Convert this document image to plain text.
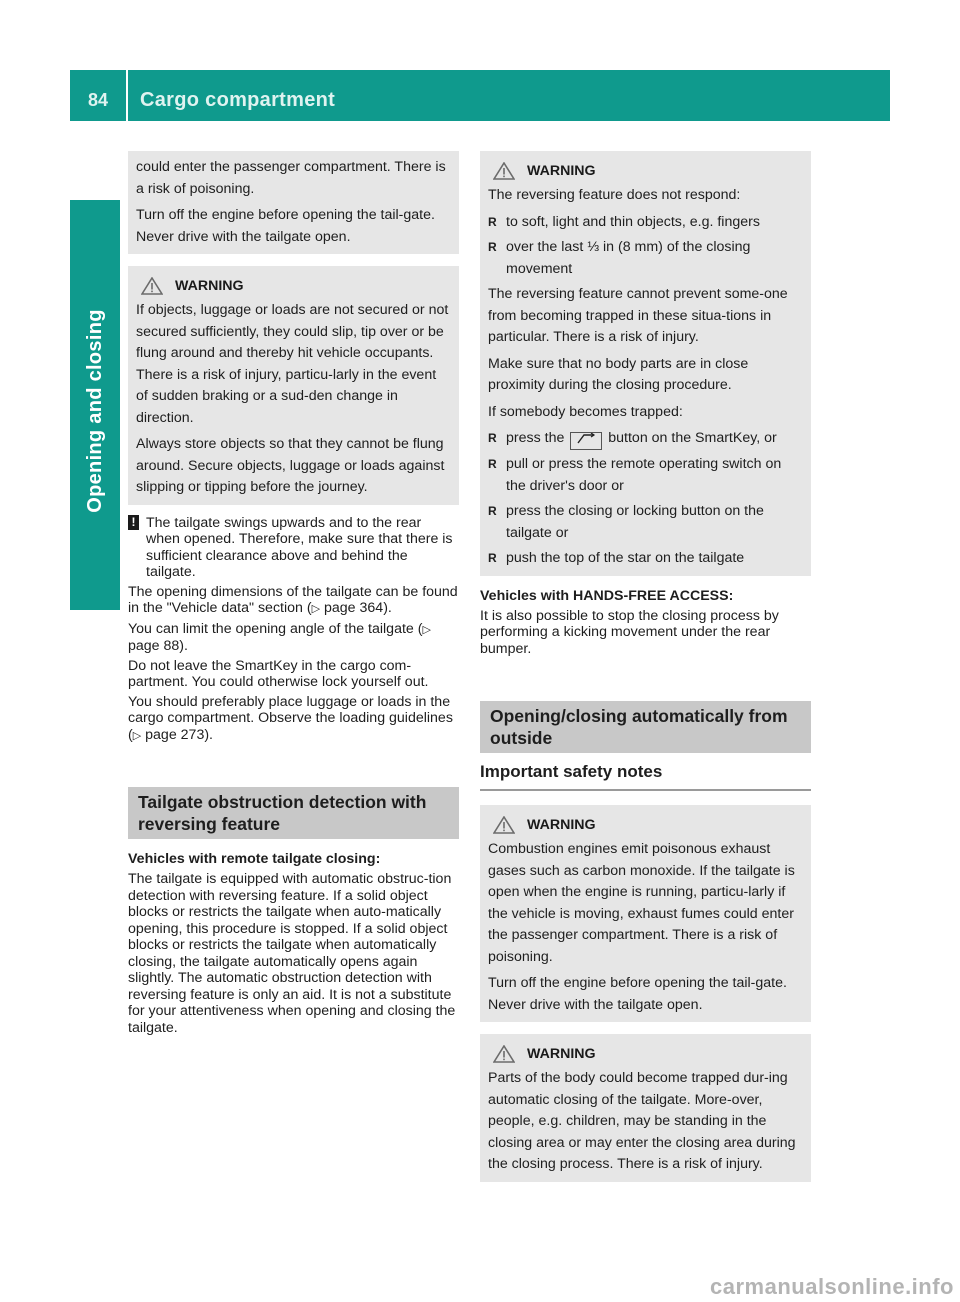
84	Cargo compartment
Opening and closing

could enter the passenger compartment. There is a risk of poisoning.

Turn off the engine before opening the tail-gate. Never drive with the tailgate open.

WARNING

If objects, luggage or loads are not secured or not secured sufficiently, they could slip, tip over or be flung around and thereby hit vehicle occupants. There is a risk of injury, particu-larly in the event of sudden braking or a sud-den change in direction.

Always store objects so that they cannot be flung around. Secure objects, luggage or loads against slipping or tipping before the journey.

! The tailgate swings upwards and to the rear when opened. Therefore, make sure that there is sufficient clearance above and behind the tailgate.

The opening dimensions of the tailgate can be found in the "Vehicle data" section (▷ page 364).

You can limit the opening angle of the tailgate (▷ page 88).

Do not leave the SmartKey in the cargo com-partment. You could otherwise lock yourself out.

You should preferably place luggage or loads in the cargo compartment. Observe the loading guidelines (▷ page 273).

Tailgate obstruction detection with reversing feature
Vehicles with remote tailgate closing:

The tailgate is equipped with automatic obstruc-tion detection with reversing feature. If a solid object blocks or restricts the tailgate when auto-matically opening, this procedure is stopped. If a solid object blocks or restricts the tailgate when automatically closing, the tailgate automatically opens again slightly. The automatic obstruction detection with reversing feature is only an aid. It is not a substitute for your attentiveness when opening and closing the tailgate.

WARNING

The reversing feature does not respond:

R to soft, light and thin objects, e.g. fingers
R over the last ⅓ in (8 mm) of the closing movement

The reversing feature cannot prevent some-one from becoming trapped in these situa-tions in particular. There is a risk of injury.

Make sure that no body parts are in close proximity during the closing procedure.

If somebody becomes trapped:

R press the	button on the SmartKey, or
R pull or press the remote operating switch on the driver's door or
R press the closing or locking button on the tailgate or
R push the top of the star on the tailgate
Vehicles with HANDS-FREE ACCESS:

It is also possible to stop the closing process by performing a kicking movement under the rear bumper.

Opening/closing automatically from outside
Important safety notes
WARNING

Combustion engines emit poisonous exhaust gases such as carbon monoxide. If the tailgate is open when the engine is running, particu-larly if the vehicle is moving, exhaust fumes could enter the passenger compartment. There is a risk of poisoning.

Turn off the engine before opening the tail-gate. Never drive with the tailgate open.

WARNING

Parts of the body could become trapped dur-ing automatic closing of the tailgate. More-over, people, e.g. children, may be standing in the closing area or may enter the closing area during the closing process. There is a risk of injury.

carmanualsonline.info
